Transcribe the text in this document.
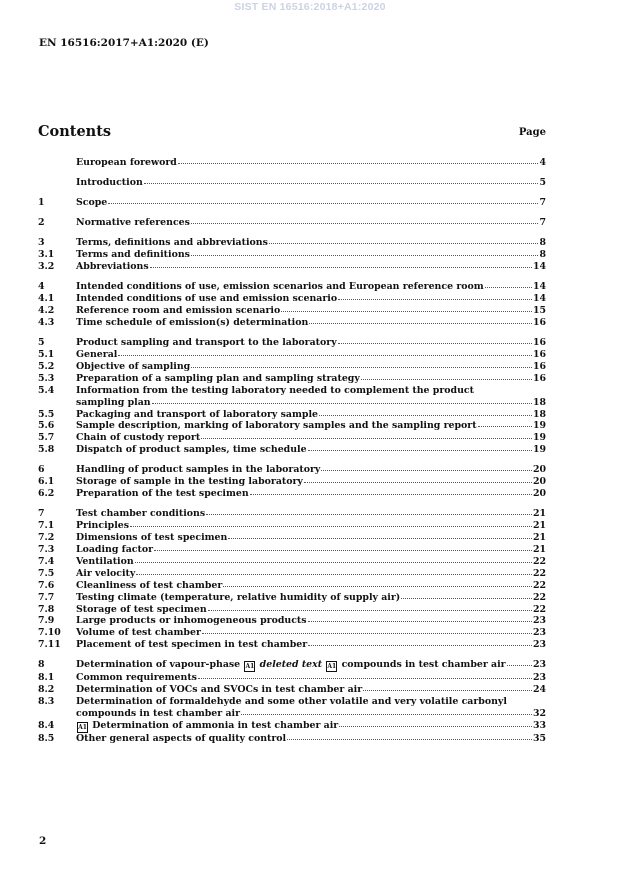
SIST EN 16516:2018+A1:2020
EN 16516:2017+A1:2020 (E)
Contents	Page
European foreword	4
Introduction	5
1	Scope	7
2	Normative references	7
3	Terms, definitions and abbreviations	8
3.1	Terms and definitions	8
3.2	Abbreviations	14
4	Intended conditions of use, emission scenarios and European reference room	14
4.1	Intended conditions of use and emission scenario	14
4.2	Reference room and emission scenario	15
4.3	Time schedule of emission(s) determination	16
5	Product sampling and transport to the laboratory	16
5.1	General	16
5.2	Objective of sampling	16
5.3	Preparation of a sampling plan and sampling strategy	16
5.4	Information from the testing laboratory needed to complement the product
sampling plan	18
5.5	Packaging and transport of laboratory sample	18
5.6	Sample description, marking of laboratory samples and the sampling report	19
5.7	Chain of custody report	19
5.8	Dispatch of product samples, time schedule	19
6	Handling of product samples in the laboratory	20
6.1	Storage of sample in the testing laboratory	20
6.2	Preparation of the test specimen	20
7	Test chamber conditions	21
7.1	Principles	21
7.2	Dimensions of test specimen	21
7.3	Loading factor	21
7.4	Ventilation	22
7.5	Air velocity	22
7.6	Cleanliness of test chamber	22
7.7	Testing climate (temperature, relative humidity of supply air)	22
7.8	Storage of test specimen	22
7.9	Large products or inhomogeneous products	23
7.10	Volume of test chamber	23
7.11	Placement of test specimen in test chamber	23
8	Determination of vapour-phase A1 deleted text A1 compounds in test chamber air	23
8.1	Common requirements	23
8.2	Determination of VOCs and SVOCs in test chamber air	24
8.3	Determination of formaldehyde and some other volatile and very volatile carbonyl
compounds in test chamber air	32
8.4	A1 Determination of ammonia in test chamber air	33
8.5	Other general aspects of quality control	35
2
